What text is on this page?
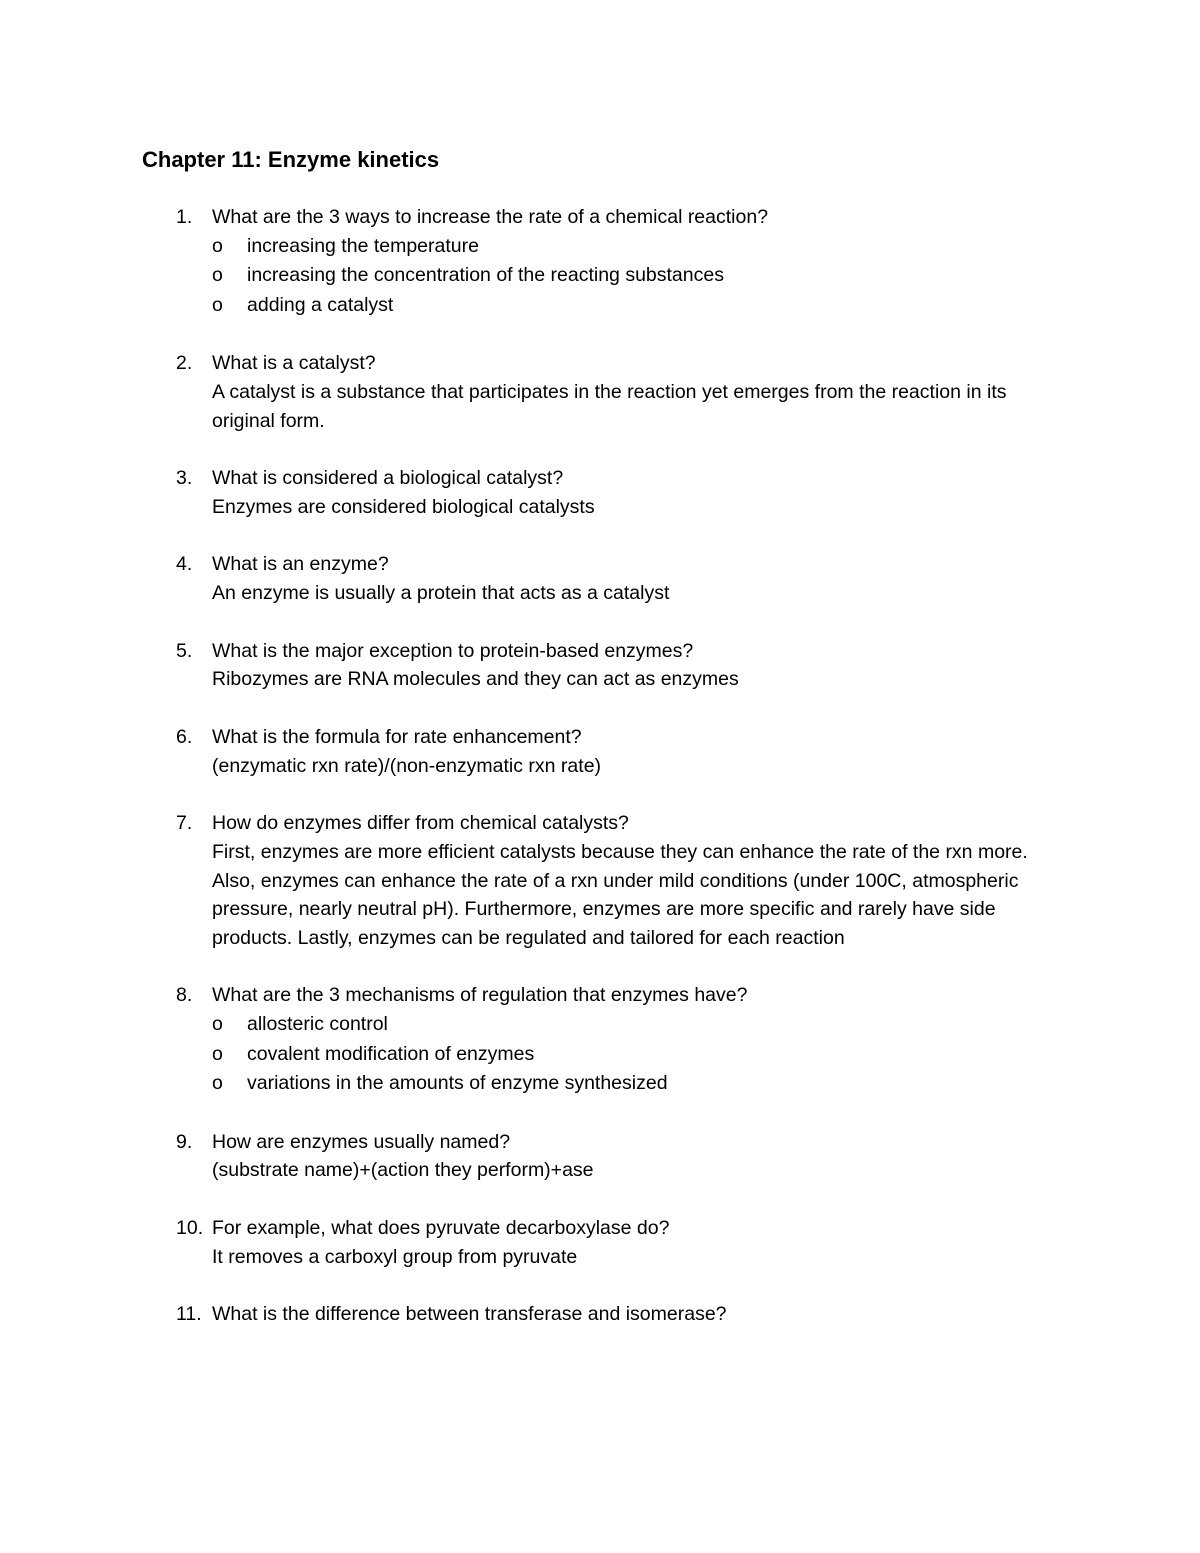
Chapter 11: Enzyme kinetics
1. What are the 3 ways to increase the rate of a chemical reaction?
o increasing the temperature
o increasing the concentration of the reacting substances
o adding a catalyst
2. What is a catalyst?
A catalyst is a substance that participates in the reaction yet emerges from the reaction in its original form.
3. What is considered a biological catalyst?
Enzymes are considered biological catalysts
4. What is an enzyme?
An enzyme is usually a protein that acts as a catalyst
5. What is the major exception to protein-based enzymes?
Ribozymes are RNA molecules and they can act as enzymes
6. What is the formula for rate enhancement?
(enzymatic rxn rate)/(non-enzymatic rxn rate)
7. How do enzymes differ from chemical catalysts?
First, enzymes are more efficient catalysts because they can enhance the rate of the rxn more. Also, enzymes can enhance the rate of a rxn under mild conditions (under 100C, atmospheric pressure, nearly neutral pH). Furthermore, enzymes are more specific and rarely have side products. Lastly, enzymes can be regulated and tailored for each reaction
8. What are the 3 mechanisms of regulation that enzymes have?
o allosteric control
o covalent modification of enzymes
o variations in the amounts of enzyme synthesized
9. How are enzymes usually named?
(substrate name)+(action they perform)+ase
10. For example, what does pyruvate decarboxylase do?
It removes a carboxyl group from pyruvate
11. What is the difference between transferase and isomerase?
